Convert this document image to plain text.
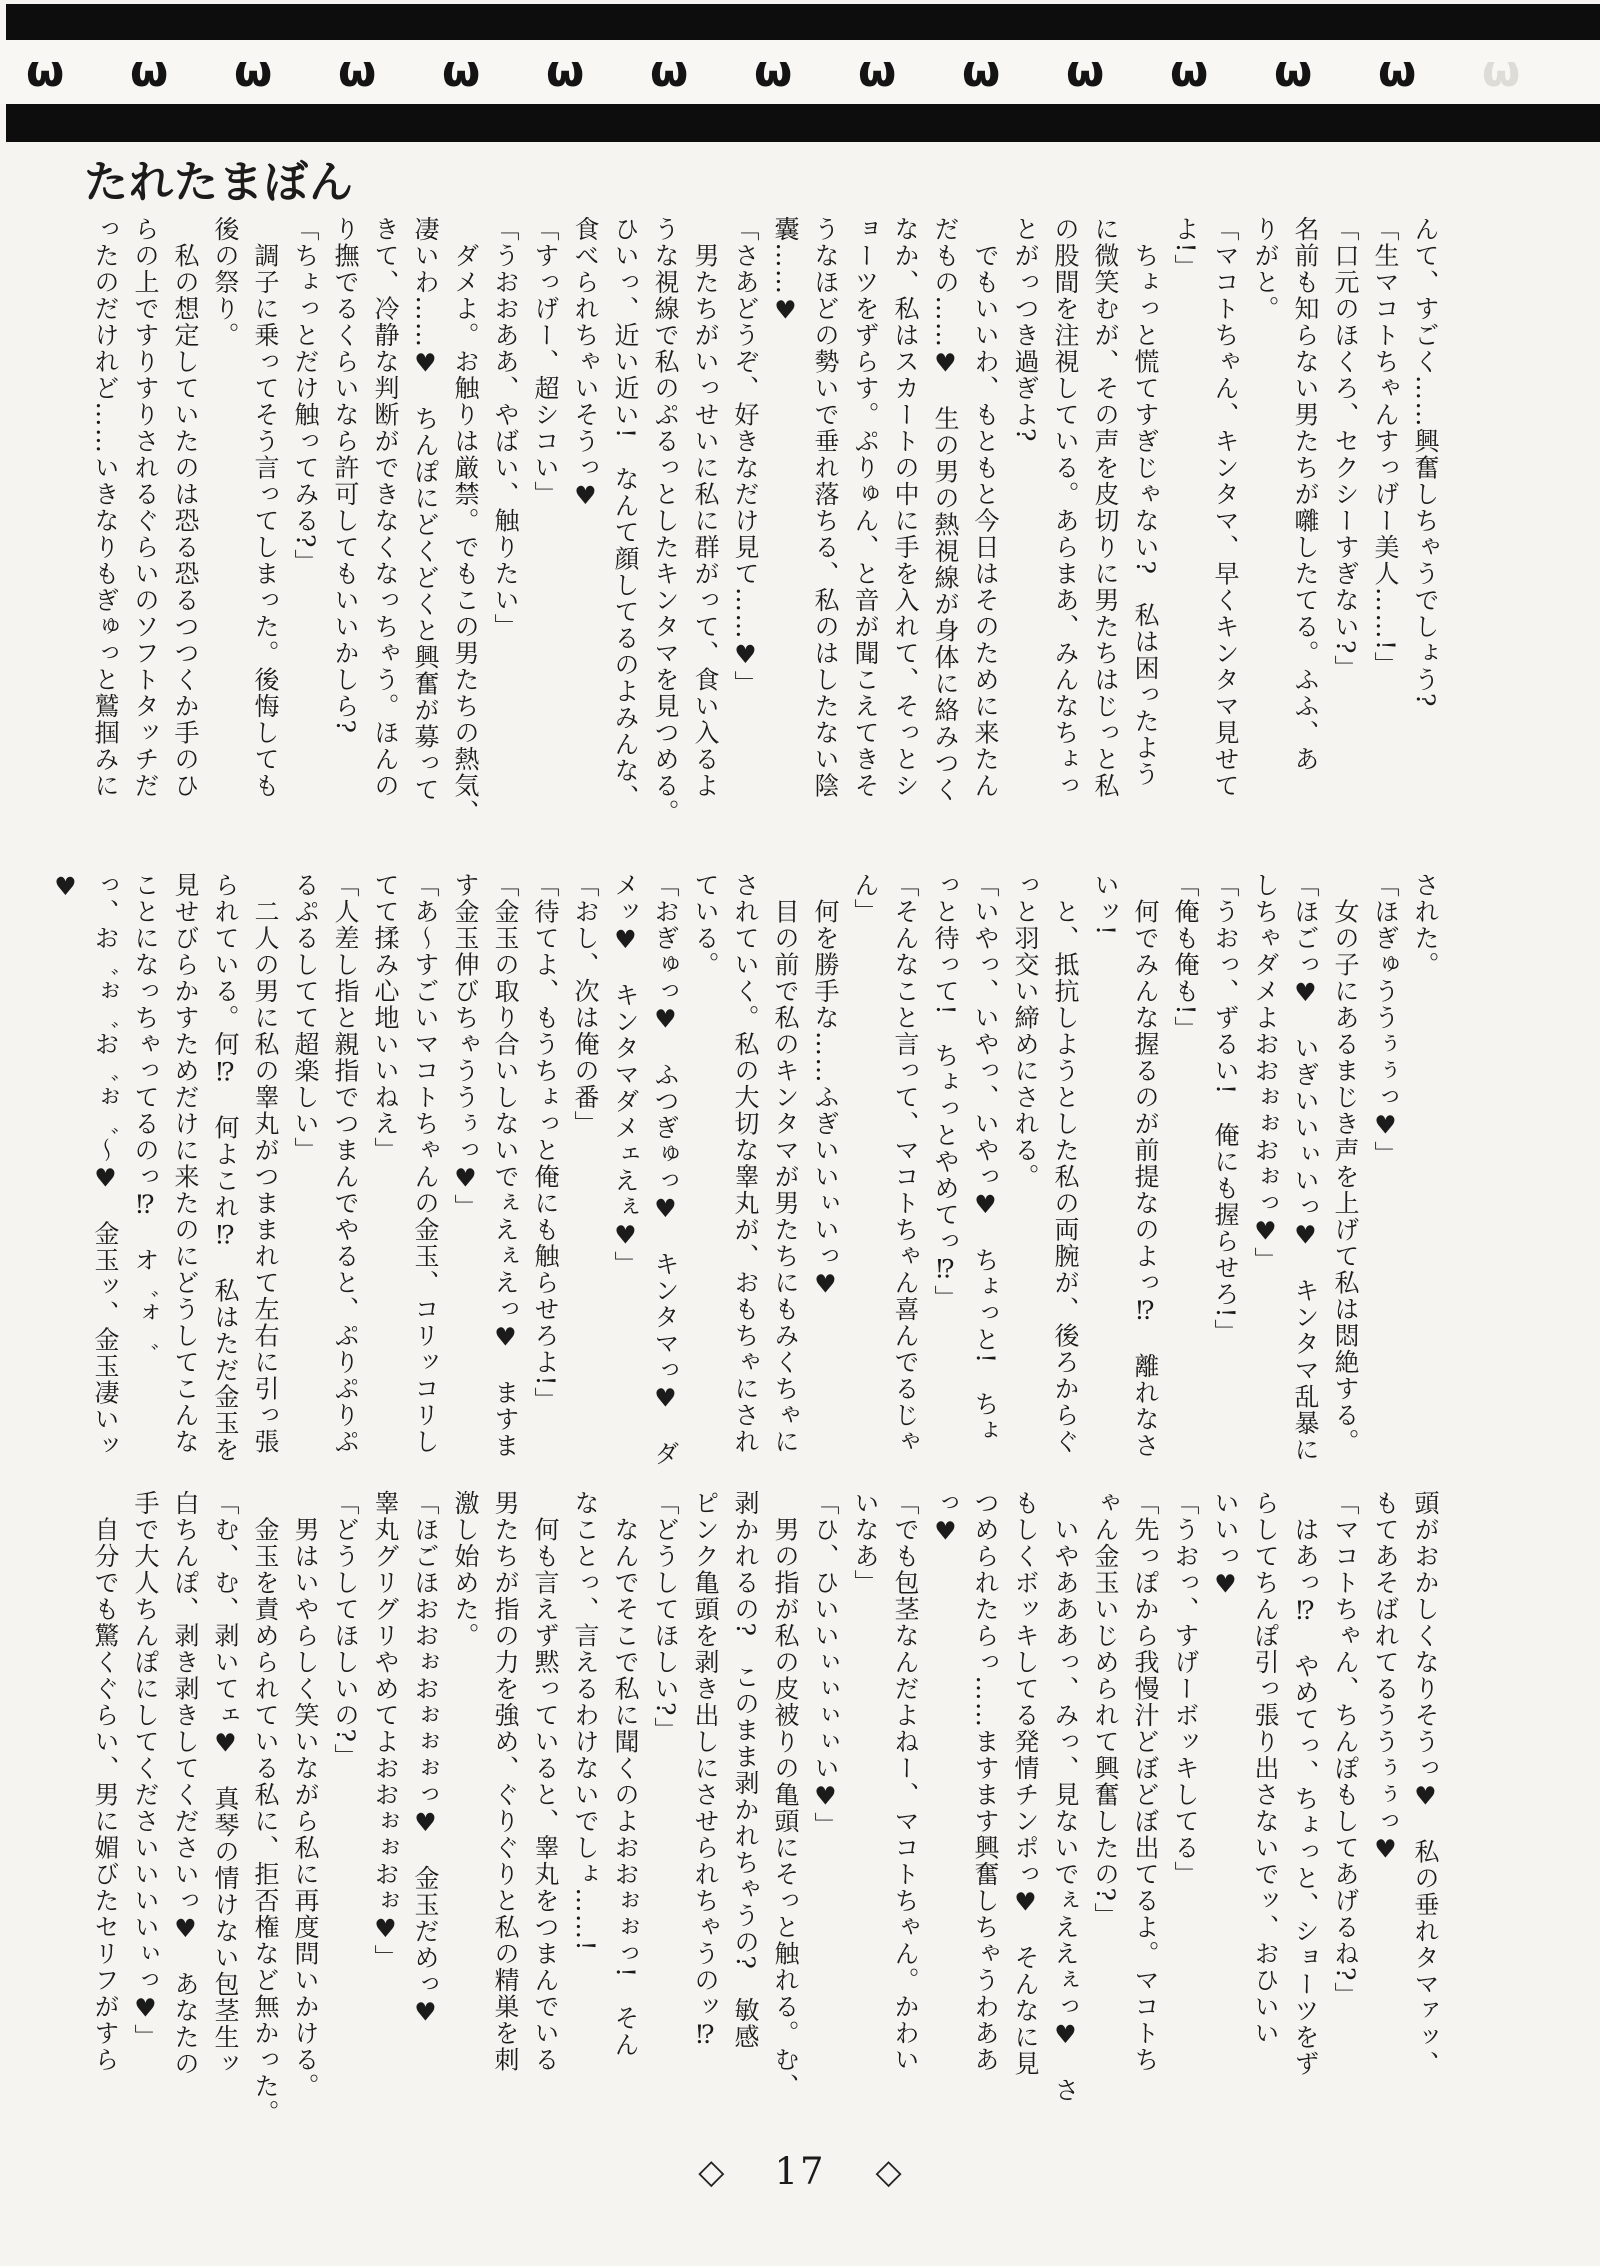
ω	ω	ω	ω	ω	ω	ω	ω	ω	ω	ω	ω	ω	ω	ω
たれたまぼん

んて、すごく……興奮しちゃうでしょう?

「生マコトちゃんすっげー美人……!」

「口元のほくろ、セクシーすぎない?」

名前も知らない男たちが囃したてる。ふふ、あ

りがと。

「マコトちゃん、キンタマ、早くキンタマ見せて

よ!」

　ちょっと慌てすぎじゃない?　私は困ったよう

に微笑むが、その声を皮切りに男たちはじっと私

の股間を注視している。あらまあ、みんなちょっ

とがっつき過ぎよ?

　でもいいわ、もともと今日はそのために来たん

だもの……♥　生の男の熱視線が身体に絡みつく

なか、私はスカートの中に手を入れて、そっとシ

ョーツをずらす。ぷりゅん、と音が聞こえてきそ

うなほどの勢いで垂れ落ちる、私のはしたない陰

囊……♥

「さあどうぞ、好きなだけ見て……♥」

　男たちがいっせいに私に群がって、食い入るよ

うな視線で私のぷるっとしたキンタマを見つめる。

ひいっ、近い近い!　なんて顔してるのよみんな、

食べられちゃいそうっ♥

「すっげー、超シコい」

「うおおああ、やばい、触りたい」

　ダメよ。お触りは厳禁。でもこの男たちの熱気、

凄いわ……♥　ちんぽにどくどくと興奮が募って

きて、冷静な判断ができなくなっちゃう。ほんの

り撫でるくらいなら許可してもいいかしら?

「ちょっとだけ触ってみる?」

　調子に乗ってそう言ってしまった。後悔しても

後の祭り。

　私の想定していたのは恐る恐るつつくか手のひ

らの上ですりすりされるぐらいのソフトタッチだ

ったのだけれど……いきなりもぎゅっと鷲掴みに

された。

「ほぎゅううぅぅっ♥」

　女の子にあるまじき声を上げて私は悶絶する。

「ほごっ♥　いぎいいぃいっ♥　キンタマ乱暴に

しちゃダメよおおぉぉおぉっ♥」

「うおっ、ずるい!　俺にも握らせろ!」

「俺も俺も!」

　何でみんな握るのが前提なのよっ⁉　離れなさ

いッ!

　と、抵抗しようとした私の両腕が、後ろからぐ

っと羽交い締めにされる。

「いやっ、いやっ、いやっ♥　ちょっと!　ちょ

っと待って!　ちょっとやめてっ⁉」

「そんなこと言って、マコトちゃん喜んでるじゃ

ん」

　何を勝手な……ふぎいいぃいっ♥

　目の前で私のキンタマが男たちにもみくちゃに

されていく。私の大切な睾丸が、おもちゃにされ

ている。

「おぎゅっ♥　ふつぎゅっ♥　キンタマっ♥　ダ

メッ♥　キンタマダメェえぇ♥」

「おし、次は俺の番」

「待てよ、もうちょっと俺にも触らせろよ!」

「金玉の取り合いしないでぇえぇえっ♥　ますま

す金玉伸びちゃううぅっ♥」

「あ〜すごいマコトちゃんの金玉、コリッコリし

てて揉み心地いいねえ」

「人差し指と親指でつまんでやると、ぷりぷりぷ

るぷるしてて超楽しい」

　二人の男に私の睾丸がつままれて左右に引っ張

られている。何⁉　何よこれ⁉　私はただ金玉を

見せびらかすためだけに来たのにどうしてこんな

ことになっちゃってるのっ⁉　オ゛ォ゛

っ、お゛ぉ゛お゛ぉ゛〜♥　金玉ッ、金玉凄いッ♥

頭がおかしくなりそうっ♥　私の垂れタマァッ、

もてあそばれてるううぅぅっ♥

「マコトちゃん、ちんぽもしてあげるね?」

　はあっ⁉　やめてっ、ちょっと、ショーツをず

らしてちんぽ引っ張り出さないでッ、おひいい

いいっ♥

「うおっ、すげーボッキしてる」

「先っぽから我慢汁どぼどぼ出てるよ。マコトち

ゃん金玉いじめられて興奮したの?」

　いやあああっ、みっ、見ないでぇええぇっ♥　さ

もしくボッキしてる発情チンポっ♥　そんなに見

つめられたらっ……ますます興奮しちゃうわああ

っ♥

「でも包茎なんだよねー、マコトちゃん。かわい

いなあ」

「ひ、ひいいぃぃぃぃい♥」

　男の指が私の皮被りの亀頭にそっと触れる。む、

剥かれるの?　このまま剥かれちゃうの?　敏感

ピンク亀頭を剥き出しにさせられちゃうのッ⁉

「どうしてほしい?」

　なんでそこで私に聞くのよおおぉぉっ!　そん

なことっ、言えるわけないでしょ……!

　何も言えず黙っていると、睾丸をつまんでいる

男たちが指の力を強め、ぐりぐりと私の精巣を刺

激し始めた。

「ほごほおおぉおぉぉぉっ♥　金玉だめっ♥

睾丸グリグリやめてよおおぉぉおぉ♥」

「どうしてほしいの?」

　男はいやらしく笑いながら私に再度問いかける。

　金玉を責められている私に、拒否権など無かった。

「む、む、剥いてェ♥　真琴の情けない包茎生ッ

白ちんぽ、剥き剥きしてくださいっ♥　あなたの

手で大人ちんぽにしてくださいいいいぃっ♥」

　自分でも驚くぐらい、男に媚びたセリフがすら

◇ 17 ◇
